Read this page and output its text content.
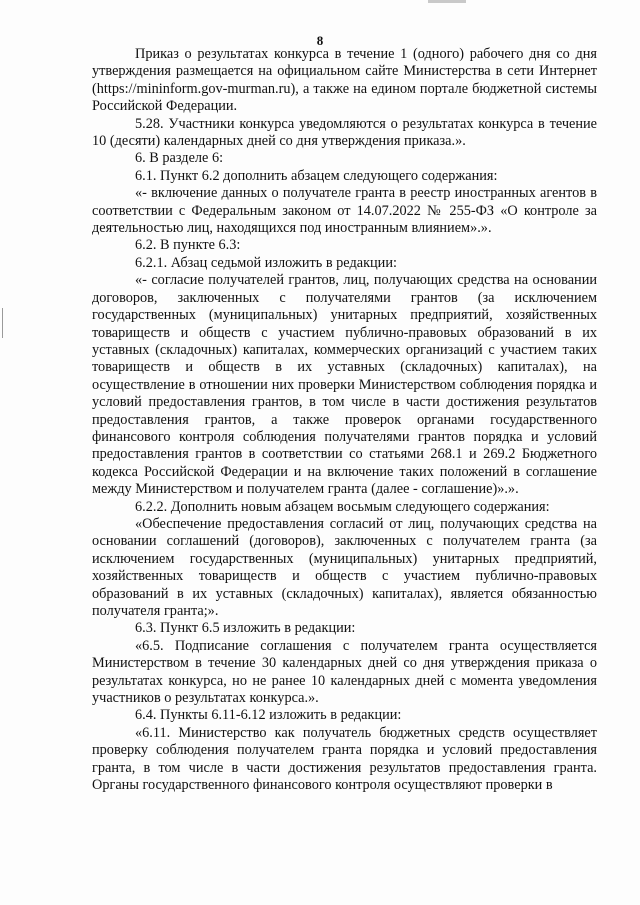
8

Приказ о результатах конкурса в течение 1 (одного) рабочего дня со дня утверждения размещается на официальном сайте Министерства в сети Интернет (https://mininform.gov-murman.ru), а также на едином портале бюджетной системы Российской Федерации.

5.28. Участники конкурса уведомляются о результатах конкурса в течение 10 (десяти) календарных дней со дня утверждения приказа.».

6. В разделе 6:

6.1. Пункт 6.2 дополнить абзацем следующего содержания:

«- включение данных о получателе гранта в реестр иностранных агентов в соответствии с Федеральным законом от 14.07.2022 № 255-ФЗ «О контроле за деятельностью лиц, находящихся под иностранным влиянием».».

6.2. В пункте 6.3:

6.2.1. Абзац седьмой изложить в редакции:

«- согласие получателей грантов, лиц, получающих средства на основании договоров, заключенных с получателями грантов (за исключением государственных (муниципальных) унитарных предприятий, хозяйственных товариществ и обществ с участием публично-правовых образований в их уставных (складочных) капиталах, коммерческих организаций с участием таких товариществ и обществ в их уставных (складочных) капиталах), на осуществление в отношении них проверки Министерством соблюдения порядка и условий предоставления грантов, в том числе в части достижения результатов предоставления грантов, а также проверок органами государственного финансового контроля соблюдения получателями грантов порядка и условий предоставления грантов в соответствии со статьями 268.1 и 269.2 Бюджетного кодекса Российской Федерации и на включение таких положений в соглашение между Министерством и получателем гранта (далее - соглашение)».».

6.2.2. Дополнить новым абзацем восьмым следующего содержания:

«Обеспечение предоставления согласий от лиц, получающих средства на основании соглашений (договоров), заключенных с получателем гранта (за исключением государственных (муниципальных) унитарных предприятий, хозяйственных товариществ и обществ с участием публично-правовых образований в их уставных (складочных) капиталах), является обязанностью получателя гранта;».

6.3. Пункт 6.5 изложить в редакции:

«6.5. Подписание соглашения с получателем гранта осуществляется Министерством в течение 30 календарных дней со дня утверждения приказа о результатах конкурса, но не ранее 10 календарных дней с момента уведомления участников о результатах конкурса.».

6.4. Пункты 6.11-6.12 изложить в редакции:

«6.11. Министерство как получатель бюджетных средств осуществляет проверку соблюдения получателем гранта порядка и условий предоставления гранта, в том числе в части достижения результатов предоставления гранта. Органы государственного финансового контроля осуществляют проверки в
